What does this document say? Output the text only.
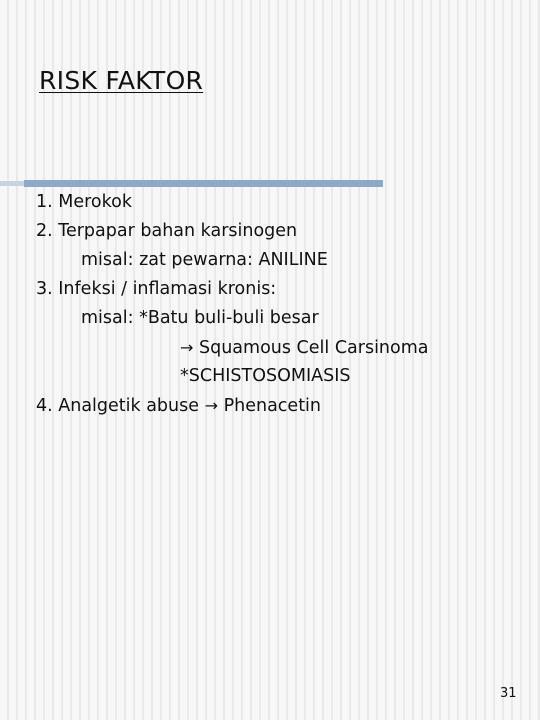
RISK FAKTOR
1. Merokok
2. Terpapar bahan karsinogen
misal: zat pewarna: ANILINE
3. Infeksi / inflamasi kronis:
misal: *Batu buli-buli besar
→ Squamous Cell Carsinoma
*SCHISTOSOMIASIS
4. Analgetik abuse → Phenacetin
31
